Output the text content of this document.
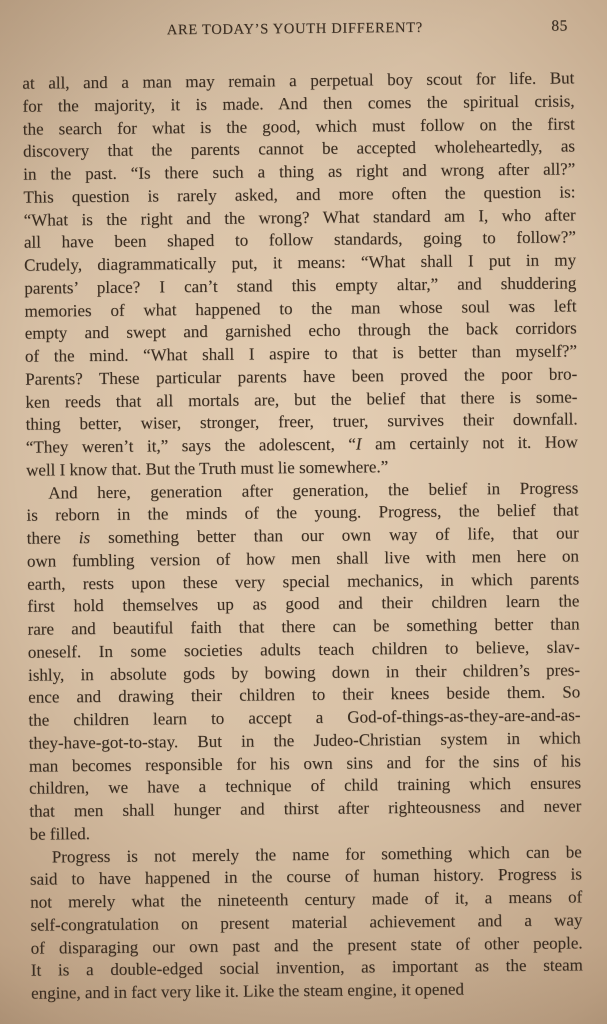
ARE TODAY’S YOUTH DIFFERENT?	85
at all, and a man may remain a perpetual boy scout for life. But
for the majority, it is made. And then comes the spiritual crisis,
the search for what is the good, which must follow on the first
discovery that the parents cannot be accepted wholeheartedly, as
in the past. “Is there such a thing as right and wrong after all?”
This question is rarely asked, and more often the question is:
“What is the right and the wrong? What standard am I, who after
all have been shaped to follow standards, going to follow?”
Crudely, diagrammatically put, it means: “What shall I put in my
parents’ place? I can’t stand this empty altar,” and shuddering
memories of what happened to the man whose soul was left
empty and swept and garnished echo through the back corridors
of the mind. “What shall I aspire to that is better than myself?”
Parents? These particular parents have been proved the poor bro-
ken reeds that all mortals are, but the belief that there is some-
thing better, wiser, stronger, freer, truer, survives their downfall.
“They weren’t it,” says the adolescent, “I am certainly not it. How
well I know that. But the Truth must lie somewhere.”
And here, generation after generation, the belief in Progress
is reborn in the minds of the young. Progress, the belief that
there is something better than our own way of life, that our
own fumbling version of how men shall live with men here on
earth, rests upon these very special mechanics, in which parents
first hold themselves up as good and their children learn the
rare and beautiful faith that there can be something better than
oneself. In some societies adults teach children to believe, slav-
ishly, in absolute gods by bowing down in their children’s pres-
ence and drawing their children to their knees beside them. So
the children learn to accept a God-of-things-as-they-are-and-as-
they-have-got-to-stay. But in the Judeo-Christian system in which
man becomes responsible for his own sins and for the sins of his
children, we have a technique of child training which ensures
that men shall hunger and thirst after righteousness and never
be filled.
Progress is not merely the name for something which can be
said to have happened in the course of human history. Progress is
not merely what the nineteenth century made of it, a means of
self-congratulation on present material achievement and a way
of disparaging our own past and the present state of other people.
It is a double-edged social invention, as important as the steam
engine, and in fact very like it. Like the steam engine, it opened
